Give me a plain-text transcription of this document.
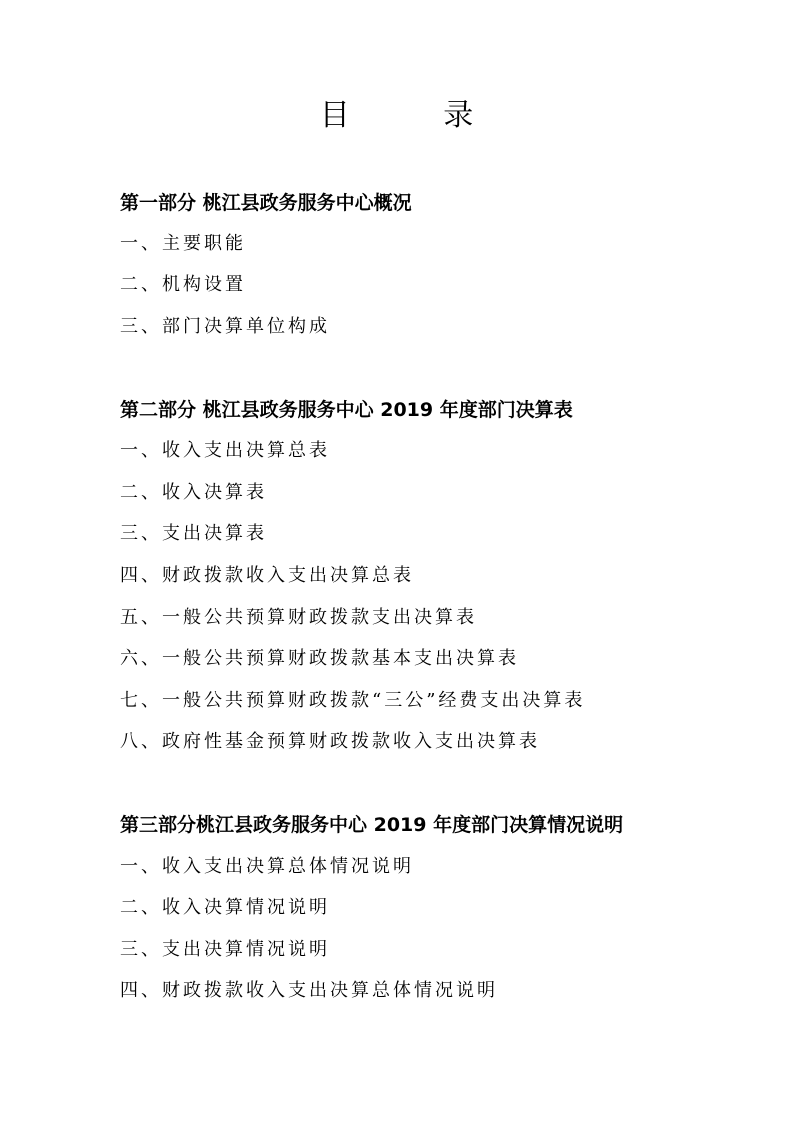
目 录
第一部分 桃江县政务服务中心概况
一、主要职能
二、机构设置
三、部门决算单位构成
第二部分 桃江县政务服务中心 2019 年度部门决算表
一、收入支出决算总表
二、收入决算表
三、支出决算表
四、财政拨款收入支出决算总表
五、一般公共预算财政拨款支出决算表
六、一般公共预算财政拨款基本支出决算表
七、一般公共预算财政拨款“三公”经费支出决算表
八、政府性基金预算财政拨款收入支出决算表
第三部分桃江县政务服务中心 2019 年度部门决算情况说明
一、收入支出决算总体情况说明
二、收入决算情况说明
三、支出决算情况说明
四、财政拨款收入支出决算总体情况说明
